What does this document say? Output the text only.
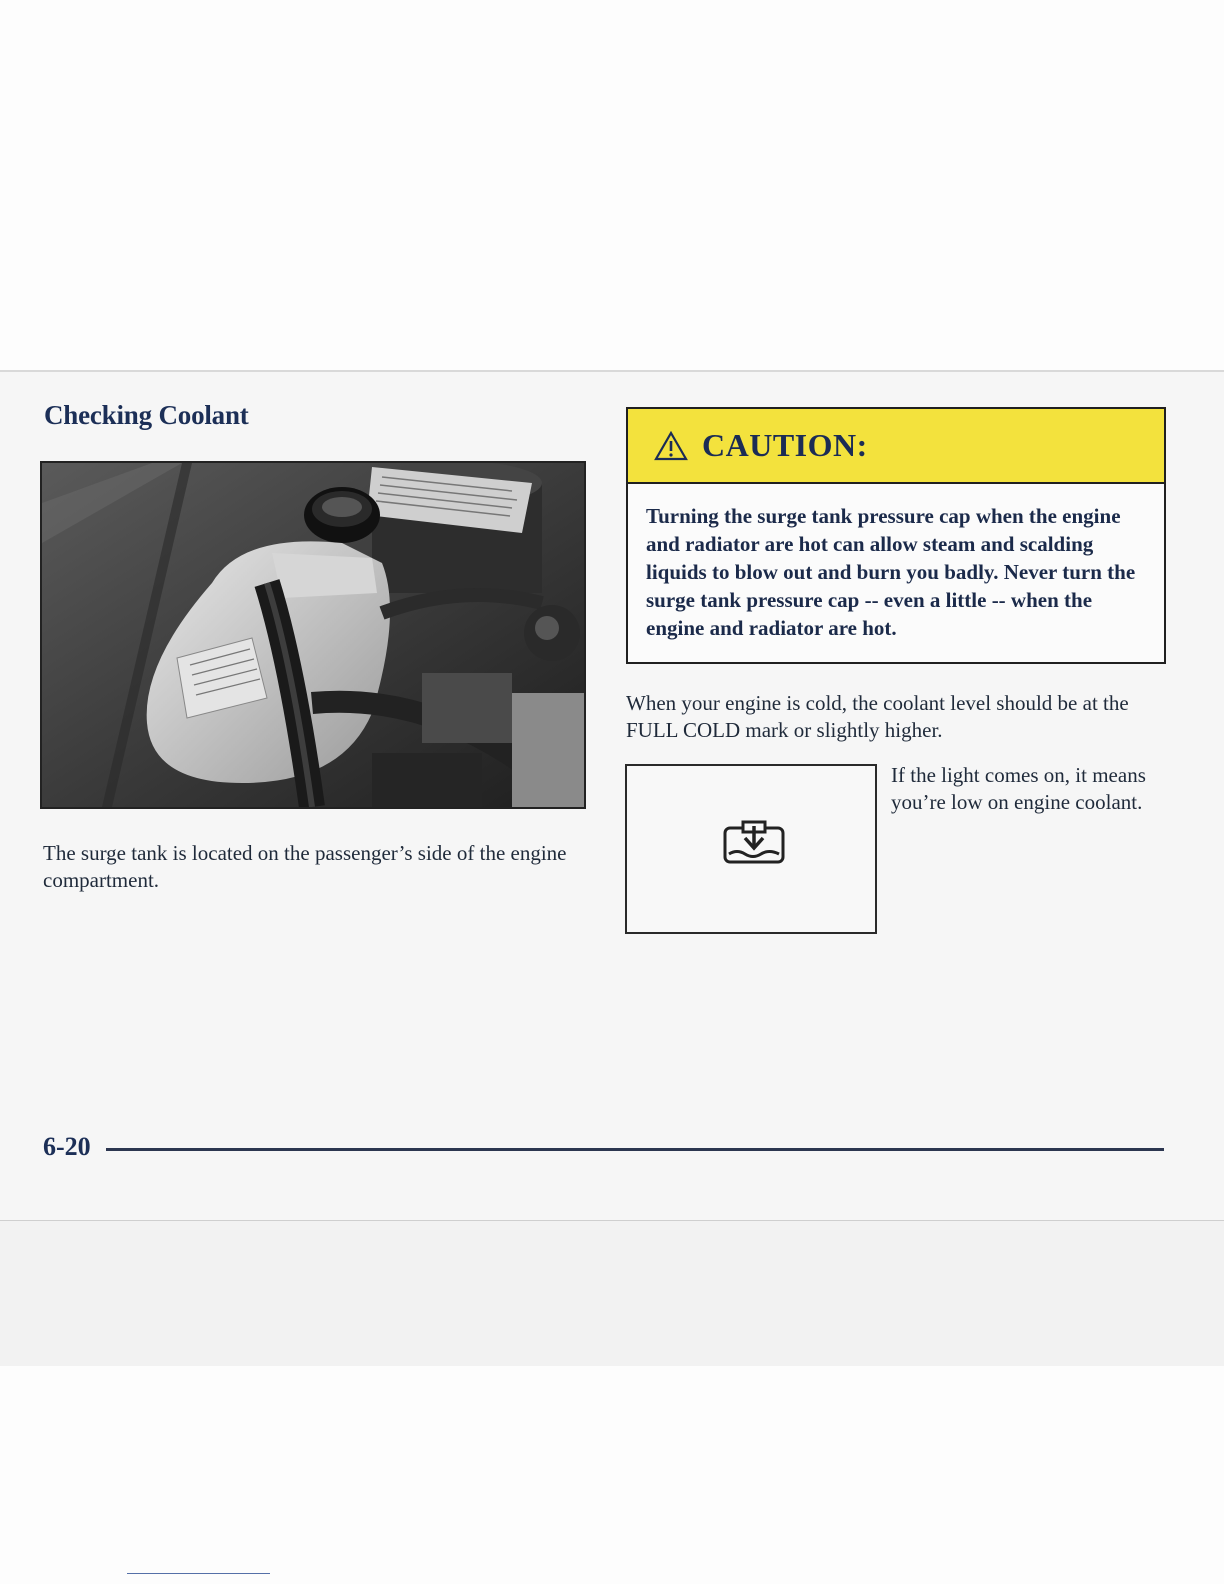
Checking Coolant

The surge tank is located on the passenger’s side of the engine compartment.

CAUTION:

Turning the surge tank pressure cap when the engine and radiator are hot can allow steam and scalding liquids to blow out and burn you badly. Never turn the surge tank pressure cap -- even a little -- when the engine and radiator are hot.

When your engine is cold, the coolant level should be at the FULL COLD mark or slightly higher.

If the light comes on, it means you’re low on engine coolant.

6-20
